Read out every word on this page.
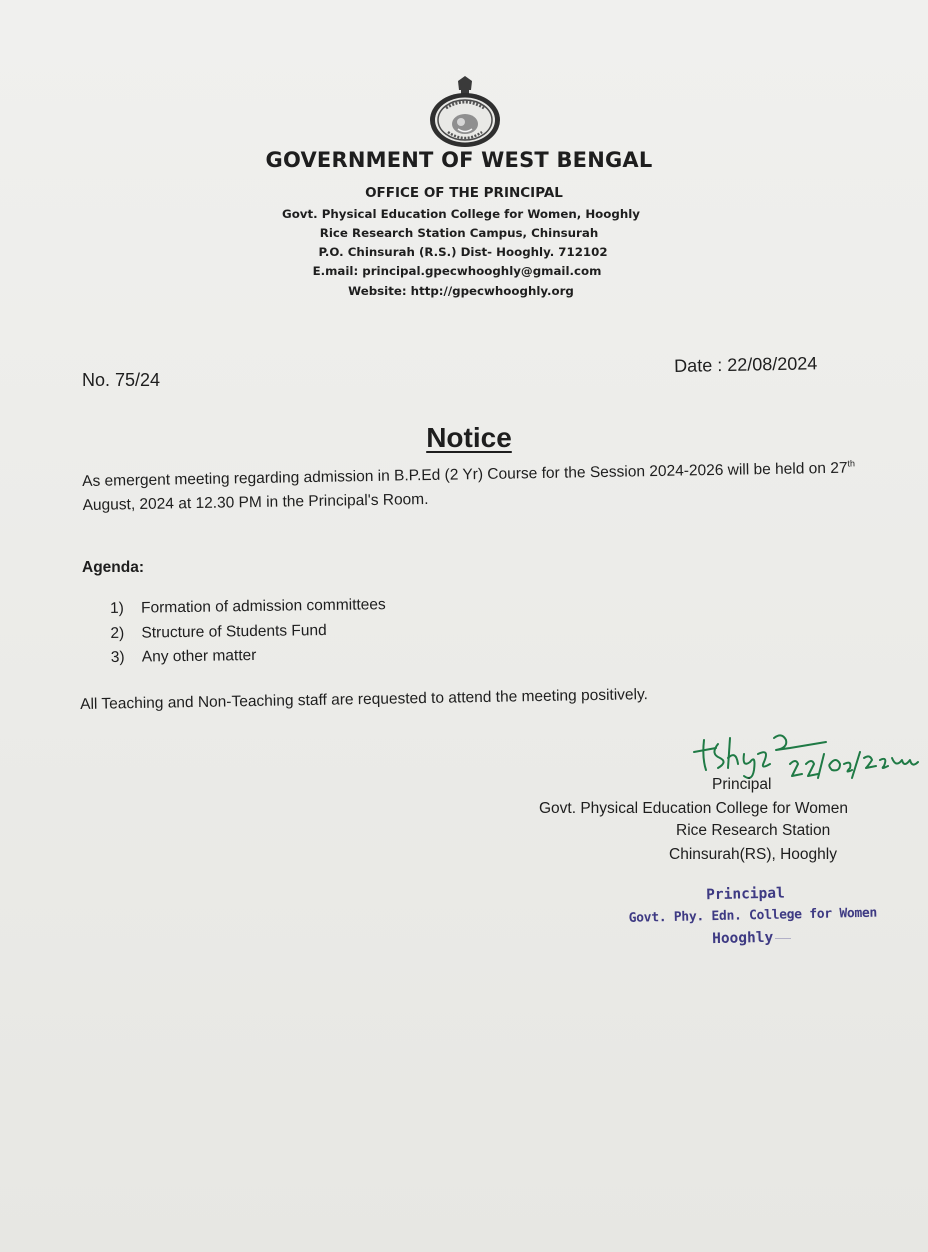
GOVERNMENT OF WEST BENGAL
OFFICE OF THE PRINCIPAL
Govt. Physical Education College for Women, Hooghly
Rice Research Station Campus, Chinsurah
P.O. Chinsurah (R.S.) Dist- Hooghly. 712102
E.mail: principal.gpecwhooghly@gmail.com
Website: http://gpecwhooghly.org
No. 75/24
Date : 22/08/2024
Notice
As emergent meeting regarding admission in B.P.Ed (2 Yr) Course for the Session 2024-2026 will be held on 27th August, 2024 at 12.30 PM in the Principal's Room.
Agenda:
1) Formation of admission committees
2) Structure of Students Fund
3) Any other matter
All Teaching and Non-Teaching staff are requested to attend the meeting positively.
Principal
Govt. Physical Education College for Women
Rice Research Station
Chinsurah(RS), Hooghly
Principal
Govt. Phy. Edn. College for Women
Hooghly
